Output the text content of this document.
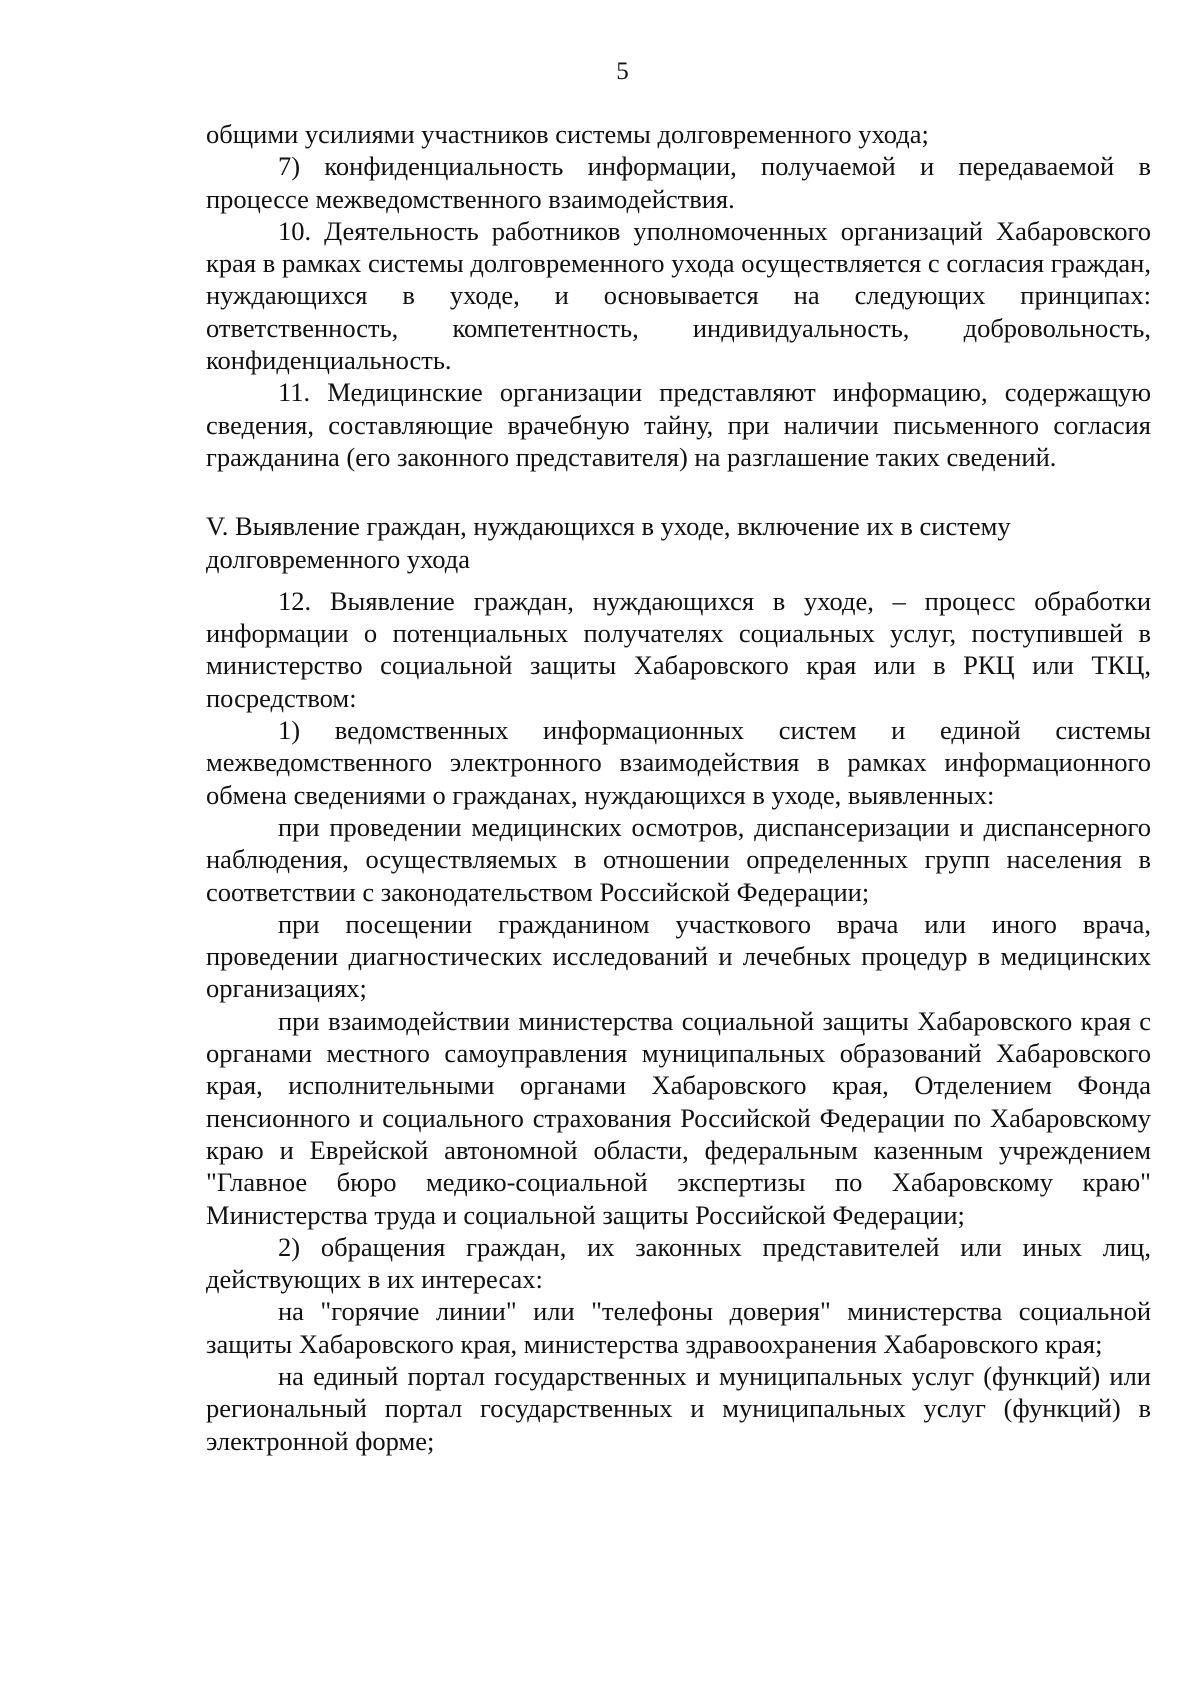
5

общими усилиями участников системы долговременного ухода;

7) конфиденциальность информации, получаемой и передаваемой в процессе межведомственного взаимодействия.

10. Деятельность работников уполномоченных организаций Хабаровского края в рамках системы долговременного ухода осуществляется с согласия граждан, нуждающихся в уходе, и основывается на следующих принципах: ответственность, компетентность, индивидуальность, добровольность, конфиденциальность.

11. Медицинские организации представляют информацию, содержащую сведения, составляющие врачебную тайну, при наличии письменного согласия гражданина (его законного представителя) на разглашение таких сведений.

V. Выявление граждан, нуждающихся в уходе, включение их в систему
долговременного ухода

12. Выявление граждан, нуждающихся в уходе, – процесс обработки информации о потенциальных получателях социальных услуг, поступившей в министерство социальной защиты Хабаровского края или в РКЦ или ТКЦ, посредством:

1) ведомственных информационных систем и единой системы межведомственного электронного взаимодействия в рамках информационного обмена сведениями о гражданах, нуждающихся в уходе, выявленных:

при проведении медицинских осмотров, диспансеризации и диспансерного наблюдения, осуществляемых в отношении определенных групп населения в соответствии с законодательством Российской Федерации;

при посещении гражданином участкового врача или иного врача, проведении диагностических исследований и лечебных процедур в медицинских организациях;

при взаимодействии министерства социальной защиты Хабаровского края с органами местного самоуправления муниципальных образований Хабаровского края, исполнительными органами Хабаровского края, Отделением Фонда пенсионного и социального страхования Российской Федерации по Хабаровскому краю и Еврейской автономной области, федеральным казенным учреждением "Главное бюро медико-социальной экспертизы по Хабаровскому краю" Министерства труда и социальной защиты Российской Федерации;

2) обращения граждан, их законных представителей или иных лиц, действующих в их интересах:

на "горячие линии" или "телефоны доверия" министерства социальной защиты Хабаровского края, министерства здравоохранения Хабаровского края;

на единый портал государственных и муниципальных услуг (функций) или региональный портал государственных и муниципальных услуг (функций) в электронной форме;
